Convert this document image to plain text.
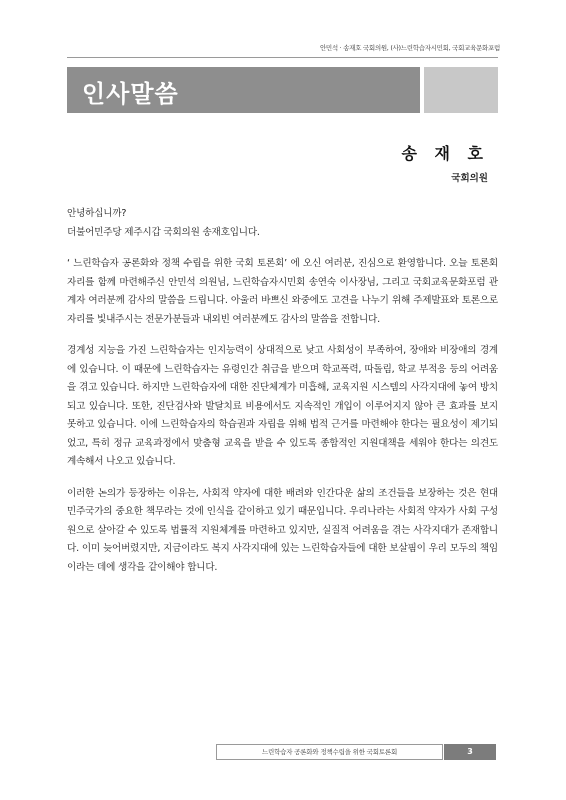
안민석 · 송재호 국회의원, (사)느린학습자시민회, 국회교육문화포럼
인사말씀
송 재 호
국회의원

안녕하십니까?

더불어민주당 제주시갑 국회의원 송재호입니다.

‘ 느린학습자 공론화와 정책 수립을 위한 국회 토론회’ 에 오신 여러분, 진심으로 환영합니다. 오늘 토론회 자리를 함께 마련해주신 안민석 의원님, 느린학습자시민회 송연숙 이사장님, 그리고 국회교육문화포럼 관계자 여러분께 감사의 말씀을 드립니다. 아울러 바쁘신 와중에도 고견을 나누기 위해 주제발표와 토론으로 자리를 빛내주시는 전문가분들과 내외빈 여러분께도 감사의 말씀을 전합니다.

경계성 지능을 가진 느린학습자는 인지능력이 상대적으로 낮고 사회성이 부족하여, 장애와 비장애의 경계에 있습니다. 이 때문에 느린학습자는 유령인간 취급을 받으며 학교폭력, 따돌림, 학교 부적응 등의 어려움을 겪고 있습니다. 하지만 느린학습자에 대한 진단체계가 미흡해, 교육지원 시스템의 사각지대에 놓여 방치되고 있습니다. 또한, 진단검사와 발달치료 비용에서도 지속적인 개입이 이루어지지 않아 큰 효과를 보지 못하고 있습니다. 이에 느린학습자의 학습권과 자립을 위해 법적 근거를 마련해야 한다는 필요성이 제기되었고, 특히 정규 교육과정에서 맞춤형 교육을 받을 수 있도록 종합적인 지원대책을 세워야 한다는 의견도 계속해서 나오고 있습니다.

이러한 논의가 등장하는 이유는, 사회적 약자에 대한 배려와 인간다운 삶의 조건들을 보장하는 것은 현대 민주국가의 중요한 책무라는 것에 인식을 같이하고 있기 때문입니다. 우리나라는 사회적 약자가 사회 구성원으로 살아갈 수 있도록 법률적 지원체계를 마련하고 있지만, 실질적 어려움을 겪는 사각지대가 존재합니다. 이미 늦어버렸지만, 지금이라도 복지 사각지대에 있는 느린학습자들에 대한 보살핌이 우리 모두의 책임이라는 데에 생각을 같이해야 합니다.

느린학습자 공론화와 정책수립을 위한 국회토론회	3
